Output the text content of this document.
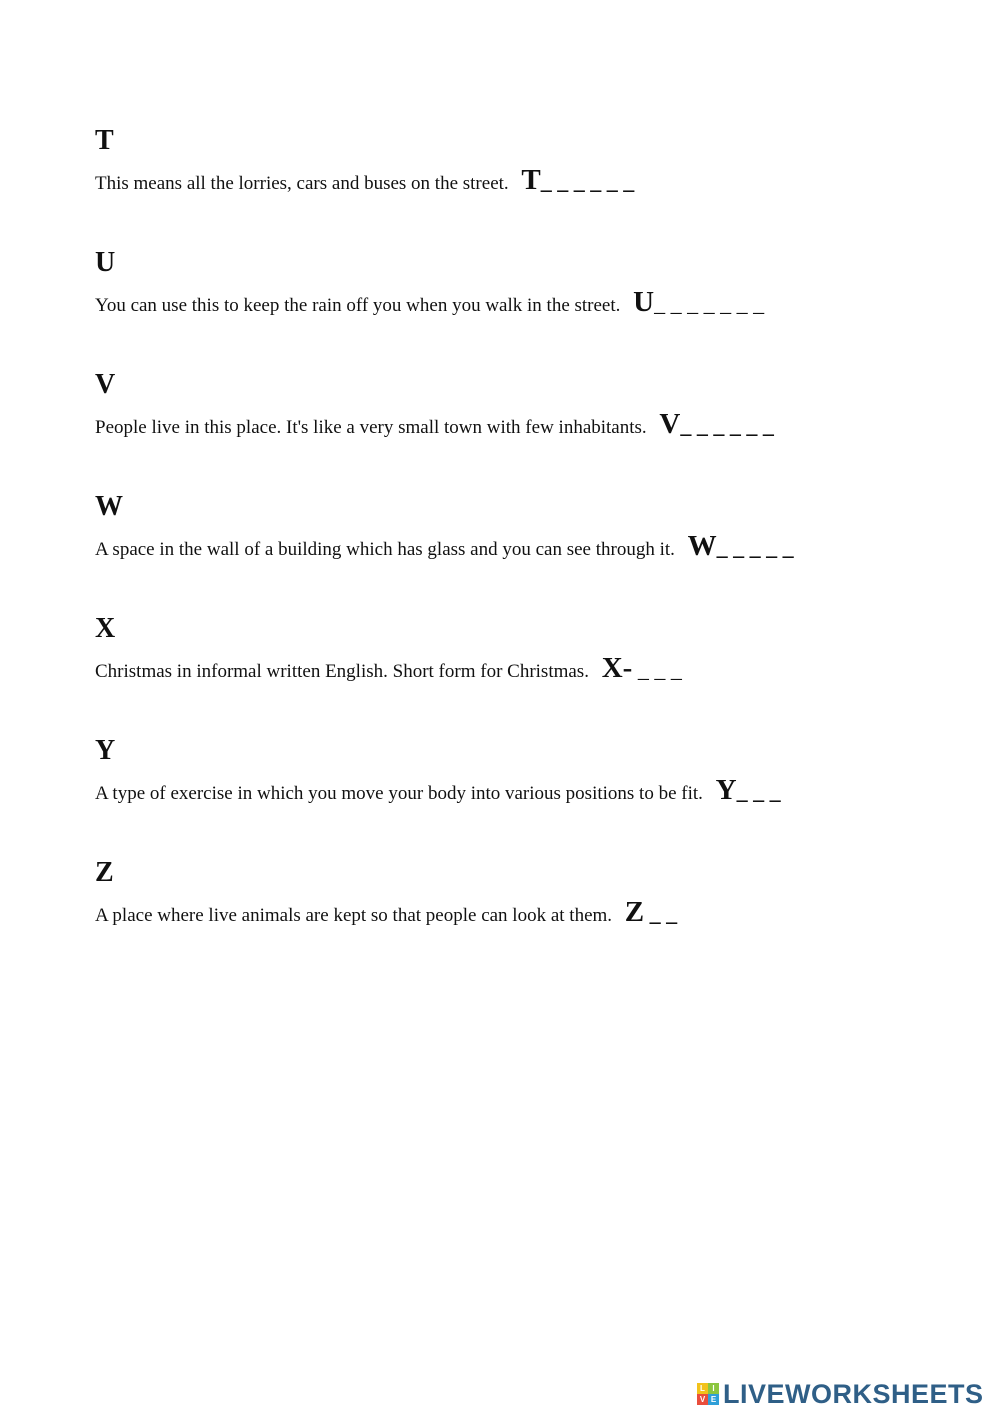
T
This means all the lorries, cars and buses on the street. T_ _ _ _ _ _
U
You can use this to keep the rain off you when you walk in the street. U_ _ _ _ _ _ _
V
People live in this place. It's like a very small town with few inhabitants. V_ _ _ _ _ _
W
A space in the wall of a building which has glass and you can see through it. W_ _ _ _ _
X
Christmas in informal written English. Short form for Christmas. X- _ _ _
Y
A type of exercise in which you move your body into various positions to be fit. Y_ _ _
Z
A place where live animals are kept so that people can look at them. Z _ _
L I
V E LIVEWORKSHEETS
